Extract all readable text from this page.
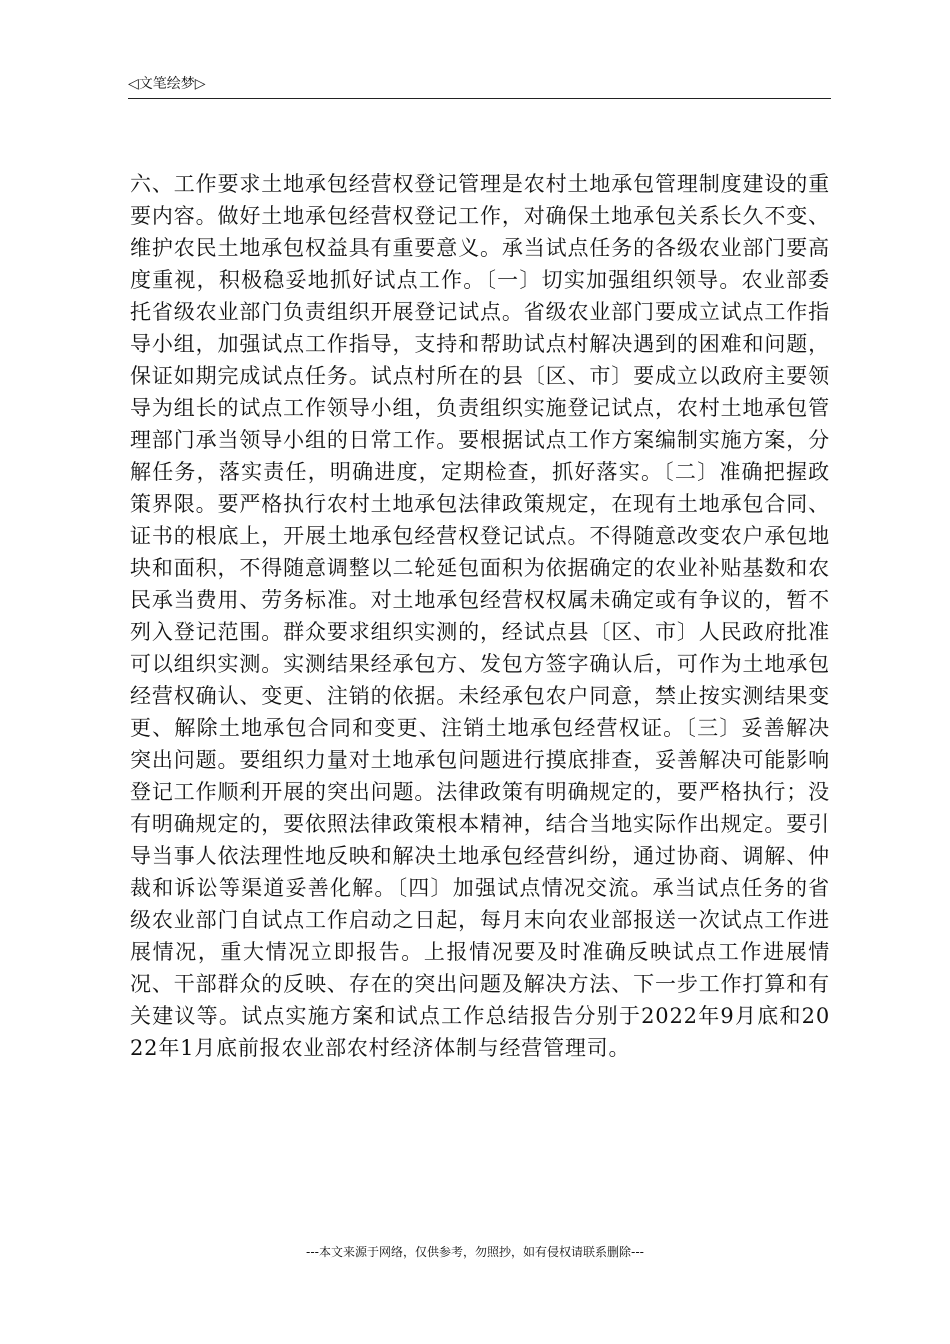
◁文笔绘梦▷

六、工作要求土地承包经营权登记管理是农村土地承包管理制度建设的重要内容。做好土地承包经营权登记工作，对确保土地承包关系长久不变、维护农民土地承包权益具有重要意义。承当试点任务的各级农业部门要高度重视，积极稳妥地抓好试点工作。〔一〕切实加强组织领导。农业部委托省级农业部门负责组织开展登记试点。省级农业部门要成立试点工作指导小组，加强试点工作指导，支持和帮助试点村解决遇到的困难和问题，保证如期完成试点任务。试点村所在的县〔区、市〕要成立以政府主要领导为组长的试点工作领导小组，负责组织实施登记试点，农村土地承包管理部门承当领导小组的日常工作。要根据试点工作方案编制实施方案，分解任务，落实责任，明确进度，定期检查，抓好落实。〔二〕准确把握政策界限。要严格执行农村土地承包法律政策规定，在现有土地承包合同、证书的根底上，开展土地承包经营权登记试点。不得随意改变农户承包地块和面积，不得随意调整以二轮延包面积为依据确定的农业补贴基数和农民承当费用、劳务标准。对土地承包经营权权属未确定或有争议的，暂不列入登记范围。群众要求组织实测的，经试点县〔区、市〕人民政府批准可以组织实测。实测结果经承包方、发包方签字确认后，可作为土地承包经营权确认、变更、注销的依据。未经承包农户同意，禁止按实测结果变更、解除土地承包合同和变更、注销土地承包经营权证。〔三〕妥善解决突出问题。要组织力量对土地承包问题进行摸底排查，妥善解决可能影响登记工作顺利开展的突出问题。法律政策有明确规定的，要严格执行；没有明确规定的，要依照法律政策根本精神，结合当地实际作出规定。要引导当事人依法理性地反映和解决土地承包经营纠纷，通过协商、调解、仲裁和诉讼等渠道妥善化解。〔四〕加强试点情况交流。承当试点任务的省级农业部门自试点工作启动之日起，每月末向农业部报送一次试点工作进展情况，重大情况立即报告。上报情况要及时准确反映试点工作进展情况、干部群众的反映、存在的突出问题及解决方法、下一步工作打算和有关建议等。试点实施方案和试点工作总结报告分别于2022年9月底和2022年1月底前报农业部农村经济体制与经营管理司。

---本文来源于网络，仅供参考，勿照抄，如有侵权请联系删除---
